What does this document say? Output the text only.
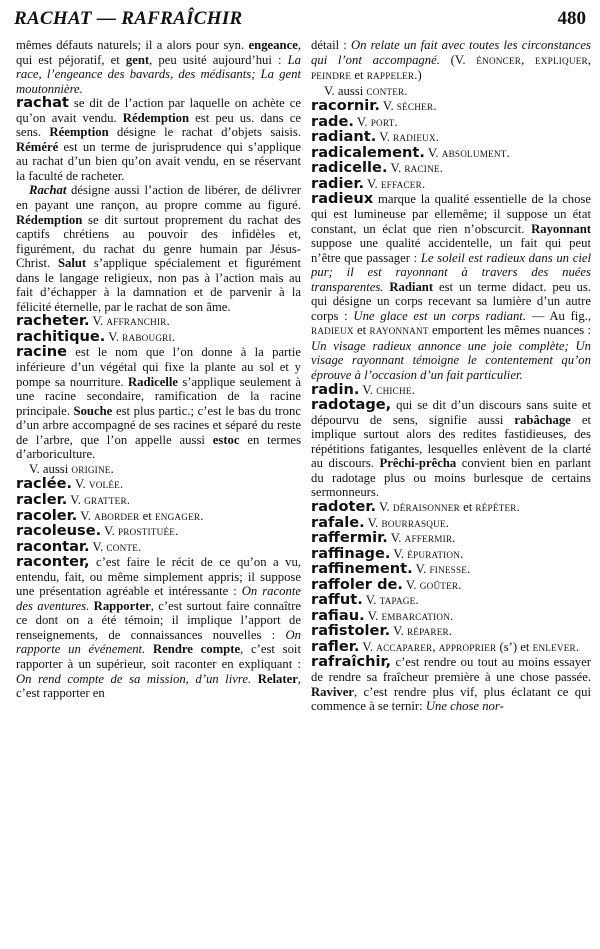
RACHAT — RAFRAÎCHIR	480

mêmes défauts naturels; il a alors pour syn. engeance, qui est péjoratif, et gent, peu usité aujourd’hui : La race, l’engeance des bavards, des médisants; La gent moutonnière.

rachat se dit de l’action par laquelle on achète ce qu’on avait vendu. Rédemption est peu us. dans ce sens. Réemption désigne le rachat d’objets saisis. Réméré est un terme de jurisprudence qui s’applique au rachat d’un bien qu’on avait vendu, en se réservant la faculté de racheter.

Rachat désigne aussi l’action de libérer, de délivrer en payant une rançon, au propre comme au figuré. Rédemption se dit surtout proprement du rachat des captifs chrétiens au pouvoir des infidèles et, figurément, du rachat du genre humain par Jésus-Christ. Salut s’applique spécialement et figurément dans le langage religieux, non pas à l’action mais au fait d’échapper à la damnation et de parvenir à la félicité éternelle, par le rachat de son âme.

racheter. V. AFFRANCHIR.

rachitique. V. RABOUGRI.

racine est le nom que l’on donne à la partie inférieure d’un végétal qui fixe la plante au sol et y pompe sa nourriture. Radicelle s’applique seulement à une racine secondaire, ramification de la racine principale. Souche est plus partic.; c’est le bas du tronc d’un arbre accompagné de ses racines et séparé du reste de l’arbre, que l’on appelle aussi estoc en termes d’arboriculture.

V. aussi ORIGINE.

raclée. V. VOLÉE.

racler. V. GRATTER.

racoler. V. ABORDER et ENGAGER.

racoleuse. V. PROSTITUÉE.

racontar. V. CONTE.

raconter, c’est faire le récit de ce qu’on a vu, entendu, fait, ou même simplement appris; il suppose une présentation agréable et intéressante : On raconte des aventures. Rapporter, c’est surtout faire connaître ce dont on a été témoin; il implique l’apport de renseignements, de connaissances nouvelles : On rapporte un événement. Rendre compte, c’est soit rapporter à un supérieur, soit raconter en expliquant : On rend compte de sa mission, d’un livre. Relater, c’est rapporter en

détail : On relate un fait avec toutes les circonstances qui l’ont accompagné. (V. ÉNONCER, EXPLIQUER, PEINDRE et RAPPELER.)

V. aussi CONTER.

racornir. V. SÉCHER.

rade. V. PORT.

radiant. V. RADIEUX.

radicalement. V. ABSOLUMENT.

radicelle. V. RACINE.

radier. V. EFFACER.

radieux marque la qualité essentielle de la chose qui est lumineuse par ellemême; il suppose un état constant, un éclat que rien n’obscurcit. Rayonnant suppose une qualité accidentelle, un fait qui peut n’être que passager : Le soleil est radieux dans un ciel pur; il est rayonnant à travers des nuées transparentes. Radiant est un terme didact. peu us. qui désigne un corps recevant sa lumière d’un autre corps : Une glace est un corps radiant. — Au fig., RADIEUX et RAYONNANT emportent les mêmes nuances : Un visage radieux annonce une joie complète; Un visage rayonnant témoigne le contentement qu’on éprouve à l’occasion d’un fait particulier.

radin. V. CHICHE.

radotage, qui se dit d’un discours sans suite et dépourvu de sens, signifie aussi rabâchage et implique surtout alors des redites fastidieuses, des répétitions fatigantes, lesquelles enlèvent de la clarté au discours. Prêchi-prêcha convient bien en parlant du radotage plus ou moins burlesque de certains sermonneurs.

radoter. V. DÉRAISONNER et RÉPÉTER.

rafale. V. BOURRASQUE.

raffermir. V. AFFERMIR.

raffinage. V. ÉPURATION.

raffinement. V. FINESSE.

raffoler de. V. GOÛTER.

raffut. V. TAPAGE.

rafiau. V. EMBARCATION.

rafistoler. V. RÉPARER.

rafler. V. ACCAPARER, APPROPRIER (s’) et ENLEVER.

rafraîchir, c’est rendre ou tout au moins essayer de rendre sa fraîcheur première à une chose passée. Raviver, c’est rendre plus vif, plus éclatant ce qui commence à se ternir: Une chose nor-
